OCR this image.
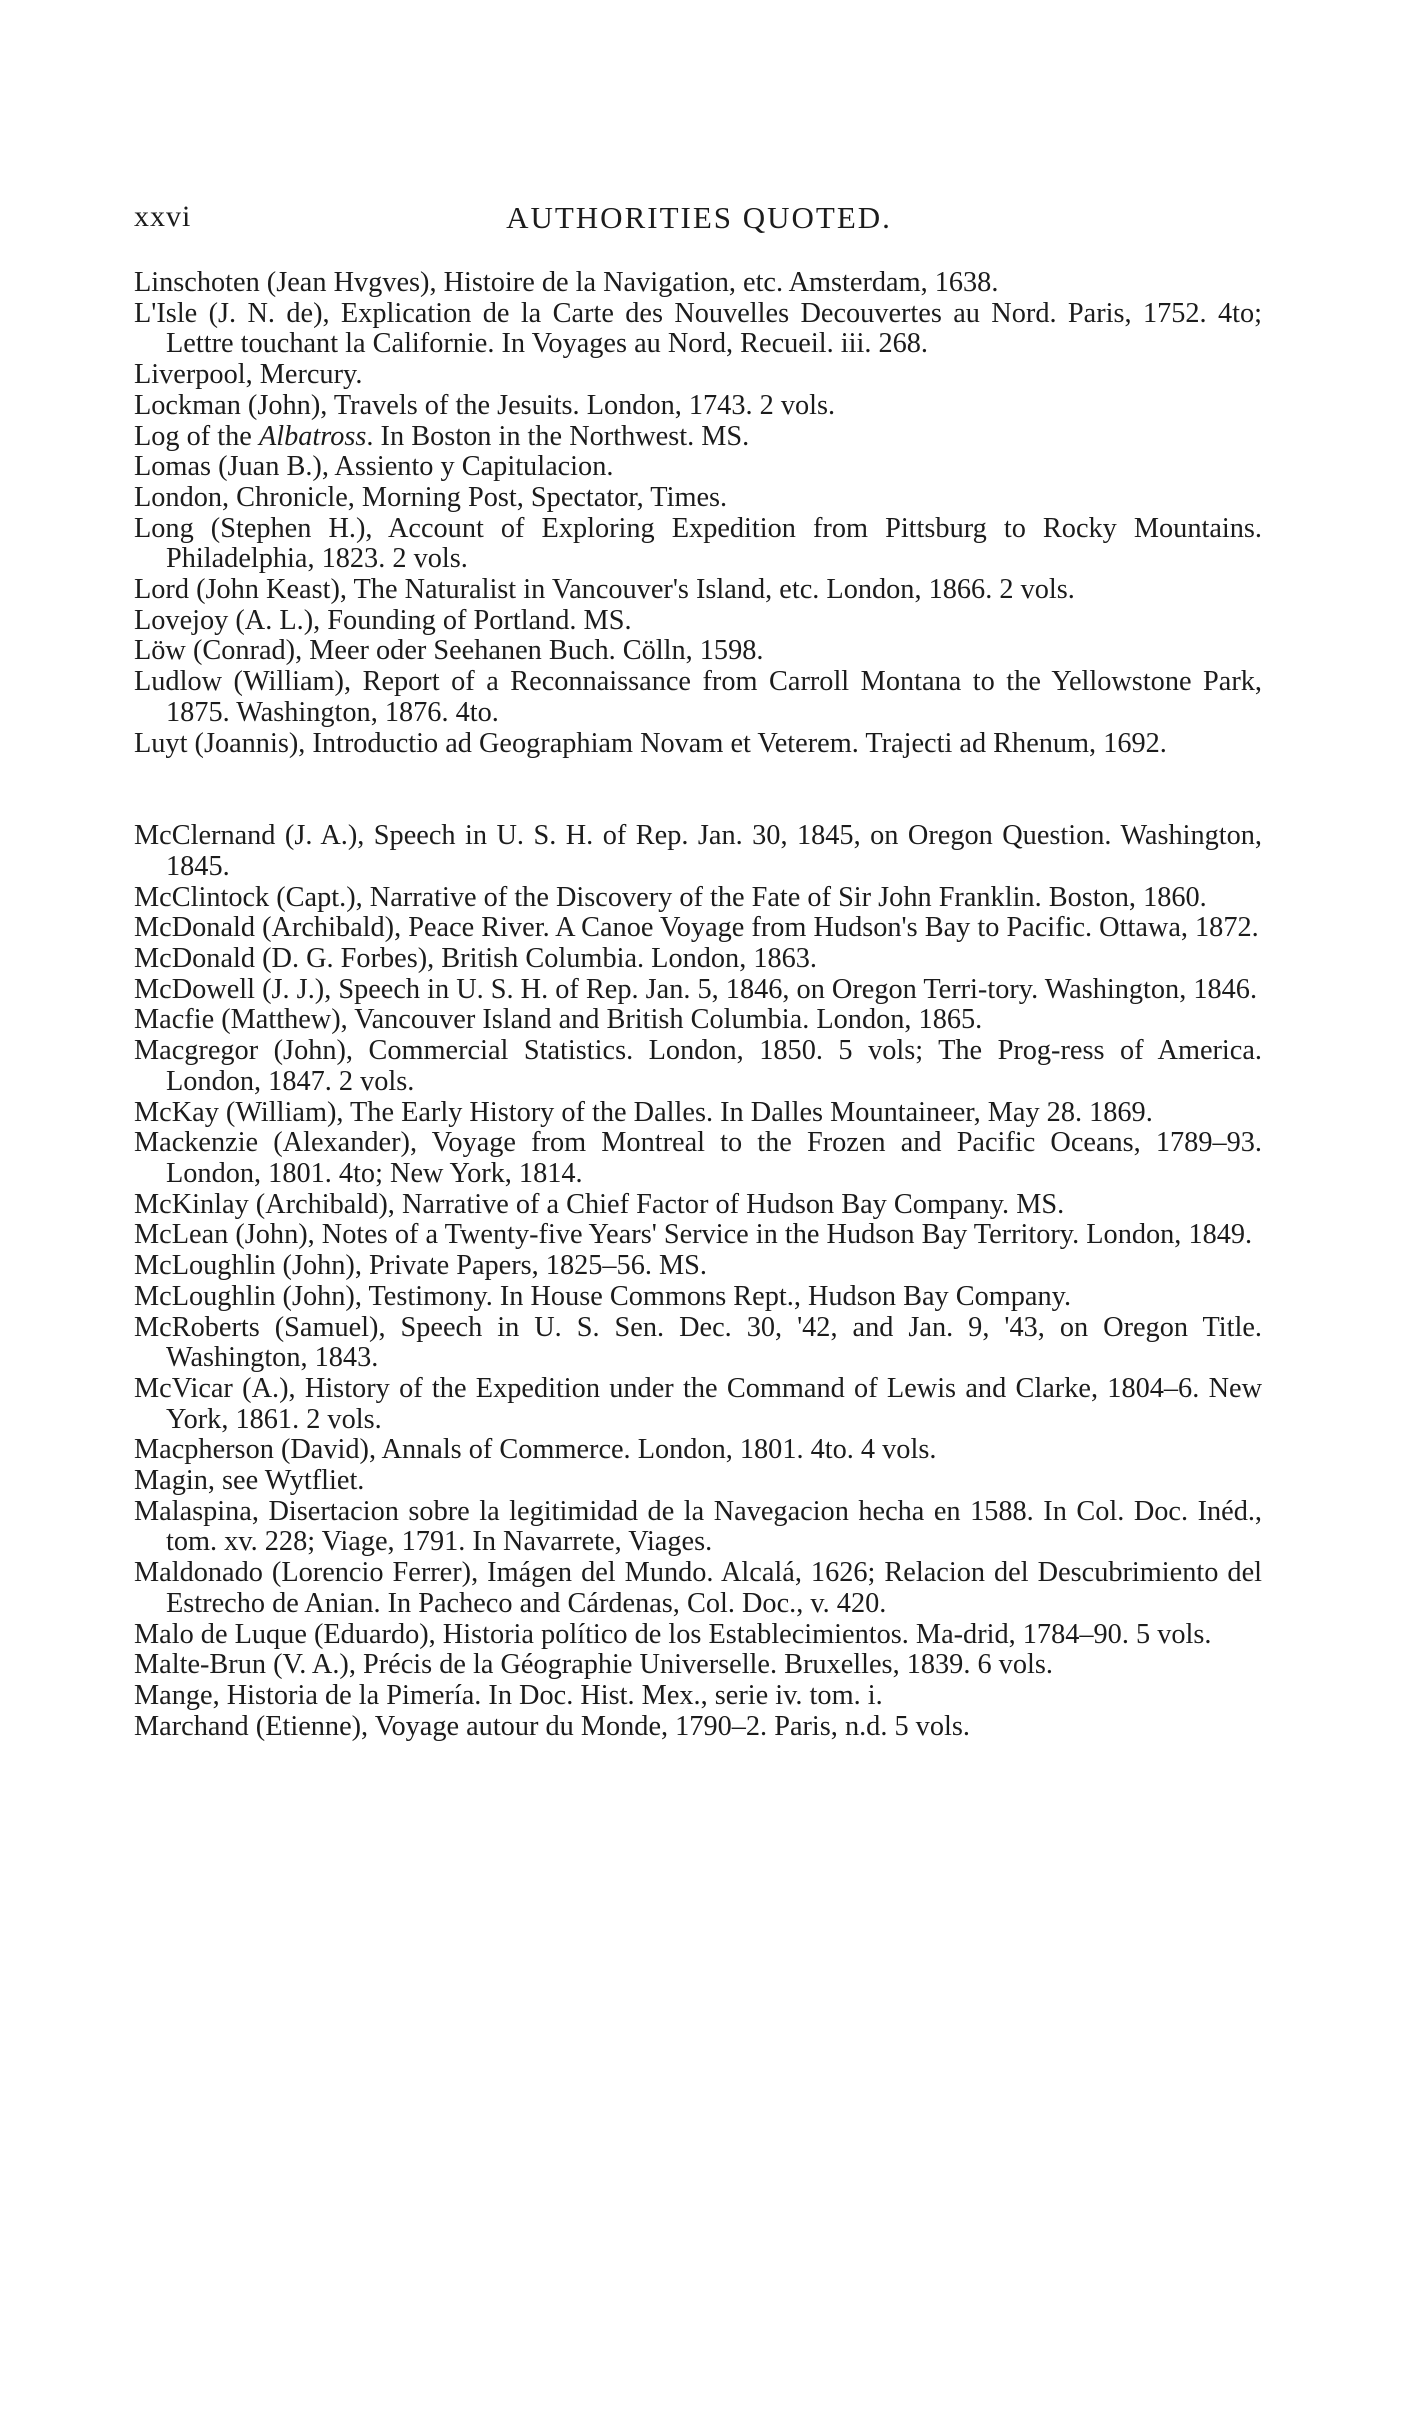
xxvi	AUTHORITIES QUOTED.

Linschoten (Jean Hvgves), Histoire de la Navigation, etc. Amsterdam, 1638.

L'Isle (J. N. de), Explication de la Carte des Nouvelles Decouvertes au Nord. Paris, 1752. 4to; Lettre touchant la Californie. In Voyages au Nord, Recueil. iii. 268.

Liverpool, Mercury.

Lockman (John), Travels of the Jesuits. London, 1743. 2 vols.

Log of the Albatross. In Boston in the Northwest. MS.

Lomas (Juan B.), Assiento y Capitulacion.

London, Chronicle, Morning Post, Spectator, Times.

Long (Stephen H.), Account of Exploring Expedition from Pittsburg to Rocky Mountains. Philadelphia, 1823. 2 vols.

Lord (John Keast), The Naturalist in Vancouver's Island, etc. London, 1866. 2 vols.

Lovejoy (A. L.), Founding of Portland. MS.

Löw (Conrad), Meer oder Seehanen Buch. Cölln, 1598.

Ludlow (William), Report of a Reconnaissance from Carroll Montana to the Yellowstone Park, 1875. Washington, 1876. 4to.

Luyt (Joannis), Introductio ad Geographiam Novam et Veterem. Trajecti ad Rhenum, 1692.

McClernand (J. A.), Speech in U. S. H. of Rep. Jan. 30, 1845, on Oregon Question. Washington, 1845.

McClintock (Capt.), Narrative of the Discovery of the Fate of Sir John Franklin. Boston, 1860.

McDonald (Archibald), Peace River. A Canoe Voyage from Hudson's Bay to Pacific. Ottawa, 1872.

McDonald (D. G. Forbes), British Columbia. London, 1863.

McDowell (J. J.), Speech in U. S. H. of Rep. Jan. 5, 1846, on Oregon Terri-tory. Washington, 1846.

Macfie (Matthew), Vancouver Island and British Columbia. London, 1865.

Macgregor (John), Commercial Statistics. London, 1850. 5 vols; The Prog-ress of America. London, 1847. 2 vols.

McKay (William), The Early History of the Dalles. In Dalles Mountaineer, May 28. 1869.

Mackenzie (Alexander), Voyage from Montreal to the Frozen and Pacific Oceans, 1789–93. London, 1801. 4to; New York, 1814.

McKinlay (Archibald), Narrative of a Chief Factor of Hudson Bay Company. MS.

McLean (John), Notes of a Twenty-five Years' Service in the Hudson Bay Territory. London, 1849.

McLoughlin (John), Private Papers, 1825–56. MS.

McLoughlin (John), Testimony. In House Commons Rept., Hudson Bay Company.

McRoberts (Samuel), Speech in U. S. Sen. Dec. 30, '42, and Jan. 9, '43, on Oregon Title. Washington, 1843.

McVicar (A.), History of the Expedition under the Command of Lewis and Clarke, 1804–6. New York, 1861. 2 vols.

Macpherson (David), Annals of Commerce. London, 1801. 4to. 4 vols.

Magin, see Wytfliet.

Malaspina, Disertacion sobre la legitimidad de la Navegacion hecha en 1588. In Col. Doc. Inéd., tom. xv. 228; Viage, 1791. In Navarrete, Viages.

Maldonado (Lorencio Ferrer), Imágen del Mundo. Alcalá, 1626; Relacion del Descubrimiento del Estrecho de Anian. In Pacheco and Cárdenas, Col. Doc., v. 420.

Malo de Luque (Eduardo), Historia político de los Establecimientos. Ma-drid, 1784–90. 5 vols.

Malte-Brun (V. A.), Précis de la Géographie Universelle. Bruxelles, 1839. 6 vols.

Mange, Historia de la Pimería. In Doc. Hist. Mex., serie iv. tom. i.

Marchand (Etienne), Voyage autour du Monde, 1790–2. Paris, n.d. 5 vols.
